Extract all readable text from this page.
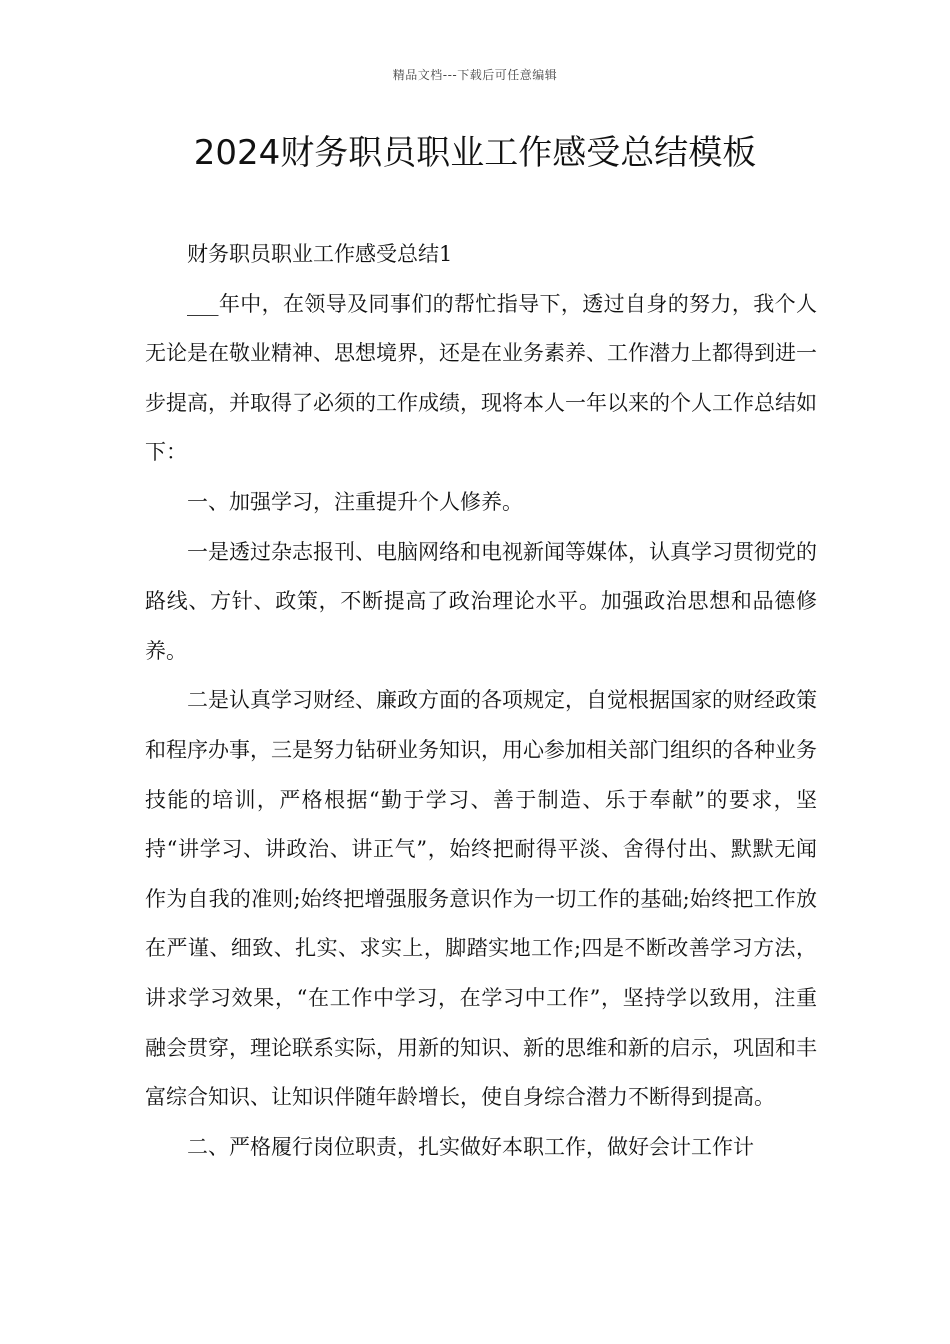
精品文档---下载后可任意编辑
2024财务职员职业工作感受总结模板

财务职员职业工作感受总结1

___年中，在领导及同事们的帮忙指导下，透过自身的努力，我个人无论是在敬业精神、思想境界，还是在业务素养、工作潜力上都得到进一步提高，并取得了必须的工作成绩，现将本人一年以来的个人工作总结如下：

一、加强学习，注重提升个人修养。

一是透过杂志报刊、电脑网络和电视新闻等媒体，认真学习贯彻党的路线、方针、政策，不断提高了政治理论水平。加强政治思想和品德修养。

二是认真学习财经、廉政方面的各项规定，自觉根据国家的财经政策和程序办事，三是努力钻研业务知识，用心参加相关部门组织的各种业务技能的培训，严格根据“勤于学习、善于制造、乐于奉献”的要求，坚持“讲学习、讲政治、讲正气”，始终把耐得平淡、舍得付出、默默无闻作为自我的准则;始终把增强服务意识作为一切工作的基础;始终把工作放在严谨、细致、扎实、求实上，脚踏实地工作;四是不断改善学习方法，讲求学习效果，“在工作中学习，在学习中工作”，坚持学以致用，注重融会贯穿，理论联系实际，用新的知识、新的思维和新的启示，巩固和丰富综合知识、让知识伴随年龄增长，使自身综合潜力不断得到提高。

二、严格履行岗位职责，扎实做好本职工作，做好会计工作计
